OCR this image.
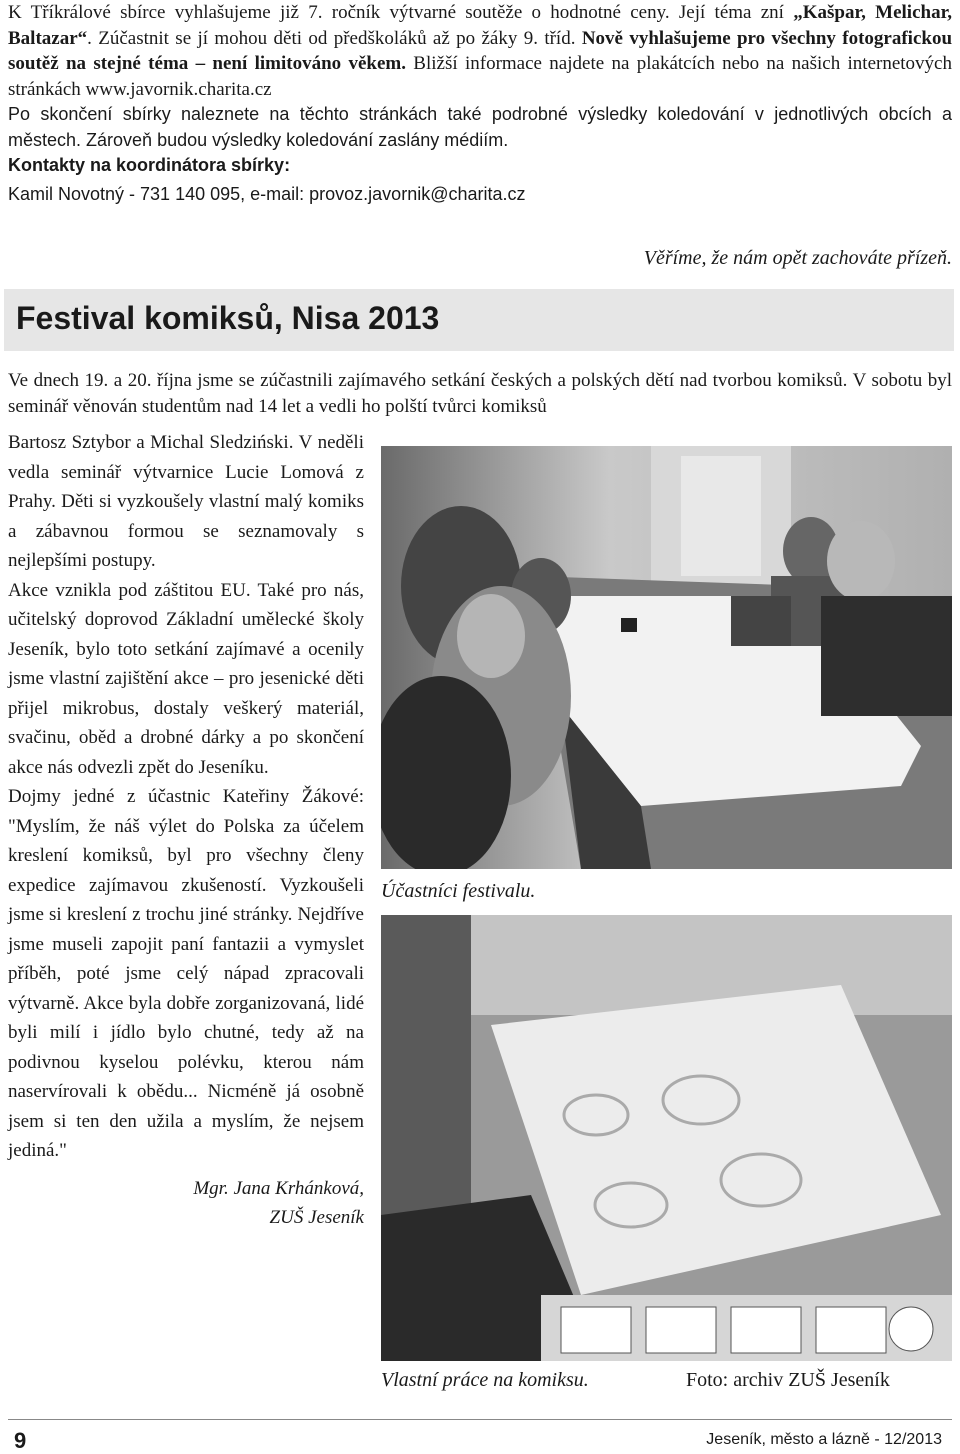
K Tříkrálové sbírce vyhlašujeme již 7. ročník výtvarné soutěže o hodnotné ceny. Její téma zní „Kašpar, Melichar, Baltazar“. Zúčastnit se jí mohou děti od předškoláků až po žáky 9. tříd. Nově vyhlašujeme pro všechny fotografickou soutěž na stejné téma – není limitováno věkem. Bližší informace najdete na plakátcích nebo na našich internetových stránkách www.javornik.charita.cz

Po skončení sbírky naleznete na těchto stránkách také podrobné výsledky koledování v jednotlivých obcích a městech. Zároveň budou výsledky koledování zaslány médiím.

Kontakty na koordinátora sbírky:

Kamil Novotný - 731 140 095, e-mail: provoz.javornik@charita.cz

Věříme, že nám opět zachováte přízeň.
Festival komiksů, Nisa 2013

Ve dnech 19. a 20. října jsme se zúčastnili zajímavého setkání českých a polských dětí nad tvorbou komiksů. V sobotu byl seminář věnován studentům nad 14 let a vedli ho polští tvůrci komiksů

Bartosz Sztybor a Michal Sledziński. V neděli vedla seminář výtvarnice Lucie Lomová z Prahy. Děti si vyzkoušely vlastní malý komiks a zábavnou formou se seznamovaly s nejlepšími postupy.

Akce vznikla pod záštitou EU. Také pro nás, učitelský doprovod Základní umělecké školy Jeseník, bylo toto setkání zajímavé a ocenily jsme vlastní zajištění akce – pro jesenické děti přijel mikrobus, dostaly veškerý materiál, svačinu, oběd a drobné dárky a po skončení akce nás odvezli zpět do Jeseníku.

Dojmy jedné z účastnic Kateřiny Žákové: "Myslím, že náš výlet do Polska za účelem kreslení komiksů, byl pro všechny členy expedice zajímavou zkušeností. Vyzkoušeli jsme si kreslení z trochu jiné stránky. Nejdříve jsme museli zapojit paní fantazii a vymyslet příběh, poté jsme celý nápad zpracovali výtvarně. Akce byla dobře zorganizovaná, lidé byli milí i jídlo bylo chutné, tedy až na podivnou kyselou polévku, kterou nám naservírovali k obědu... Nicméně já osobně jsem si ten den užila a myslím, že nejsem jediná."

Mgr. Jana Krhánková,
ZUŠ Jeseník

Účastníci festivalu.
Vlastní práce na komiksu.	Foto: archiv ZUŠ Jeseník
9	Jeseník, město a lázně - 12/2013
